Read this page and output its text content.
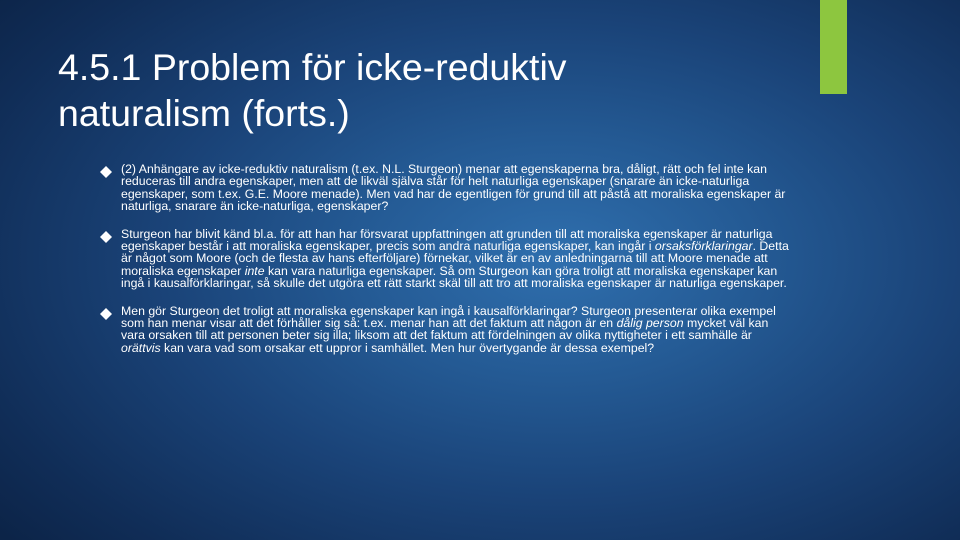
4.5.1 Problem för icke-reduktiv
naturalism (forts.)
(2) Anhängare av icke-reduktiv naturalism (t.ex. N.L. Sturgeon) menar att egenskaperna bra, dåligt, rätt och fel inte kan reduceras till andra egenskaper, men att de likväl själva står för helt naturliga egenskaper (snarare än icke-naturliga egenskaper, som t.ex. G.E. Moore menade). Men vad har de egentligen för grund till att påstå att moraliska egenskaper är naturliga, snarare än icke-naturliga, egenskaper?
Sturgeon har blivit känd bl.a. för att han har försvarat uppfattningen att grunden till att moraliska egenskaper är naturliga egenskaper består i att moraliska egenskaper, precis som andra naturliga egenskaper, kan ingår i orsaksförklaringar. Detta är något som Moore (och de flesta av hans efterföljare) förnekar, vilket är en av anledningarna till att Moore menade att moraliska egenskaper inte kan vara naturliga egenskaper. Så om Sturgeon kan göra troligt att moraliska egenskaper kan ingå i kausalförklaringar, så skulle det utgöra ett rätt starkt skäl till att tro att moraliska egenskaper är naturliga egenskaper.
Men gör Sturgeon det troligt att moraliska egenskaper kan ingå i kausalförklaringar? Sturgeon presenterar olika exempel som han menar visar att det förhåller sig så: t.ex. menar han att det faktum att någon är en dålig person mycket väl kan vara orsaken till att personen beter sig illa; liksom att det faktum att fördelningen av olika nyttigheter i ett samhälle är orättvis kan vara vad som orsakar ett uppror i samhället. Men hur övertygande är dessa exempel?
